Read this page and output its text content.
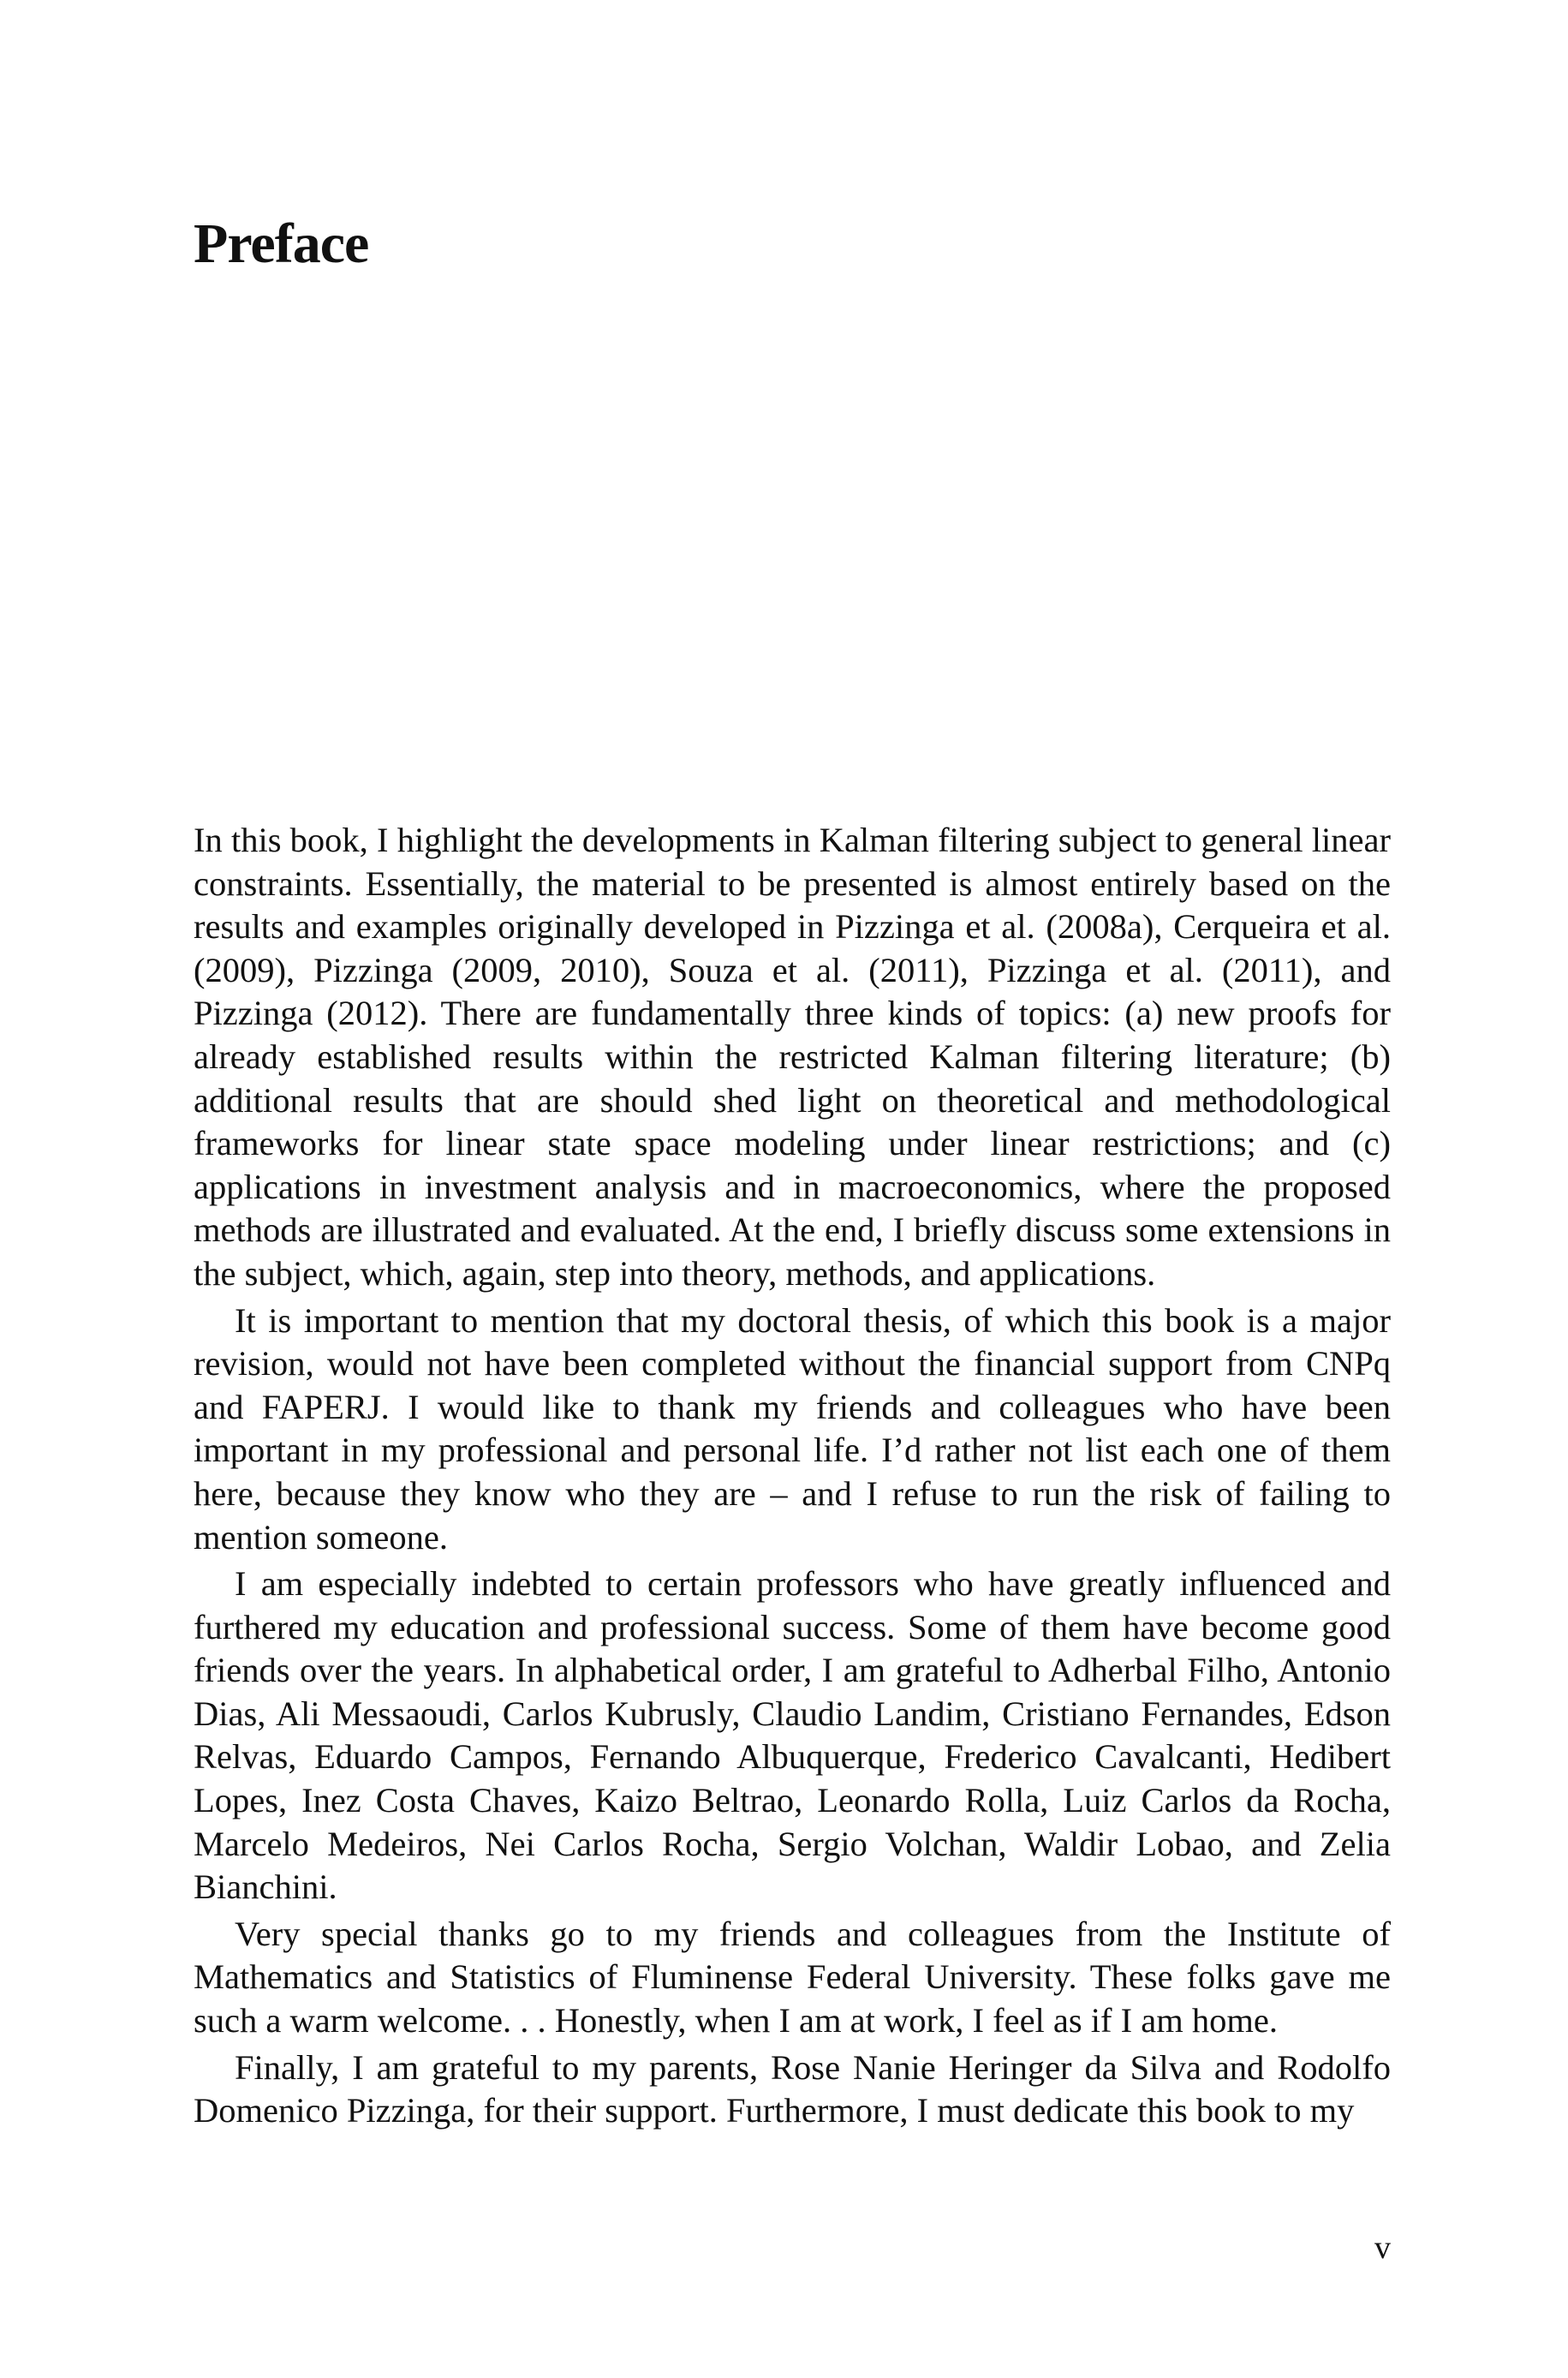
Preface

In this book, I highlight the developments in Kalman filtering subject to general linear constraints. Essentially, the material to be presented is almost entirely based on the results and examples originally developed in Pizzinga et al. (2008a), Cerqueira et al. (2009), Pizzinga (2009, 2010), Souza et al. (2011), Pizzinga et al. (2011), and Pizzinga (2012). There are fundamentally three kinds of topics: (a) new proofs for already established results within the restricted Kalman filtering literature; (b) additional results that are should shed light on theoretical and methodological frameworks for linear state space modeling under linear restrictions; and (c) applications in investment analysis and in macroeconomics, where the proposed methods are illustrated and evaluated. At the end, I briefly discuss some extensions in the subject, which, again, step into theory, methods, and applications.

It is important to mention that my doctoral thesis, of which this book is a major revision, would not have been completed without the financial support from CNPq and FAPERJ. I would like to thank my friends and colleagues who have been important in my professional and personal life. I’d rather not list each one of them here, because they know who they are – and I refuse to run the risk of failing to mention someone.

I am especially indebted to certain professors who have greatly influenced and furthered my education and professional success. Some of them have become good friends over the years. In alphabetical order, I am grateful to Adherbal Filho, Antonio Dias, Ali Messaoudi, Carlos Kubrusly, Claudio Landim, Cristiano Fernandes, Edson Relvas, Eduardo Campos, Fernando Albuquerque, Frederico Cavalcanti, Hedibert Lopes, Inez Costa Chaves, Kaizo Beltrao, Leonardo Rolla, Luiz Carlos da Rocha, Marcelo Medeiros, Nei Carlos Rocha, Sergio Volchan, Waldir Lobao, and Zelia Bianchini.

Very special thanks go to my friends and colleagues from the Institute of Mathematics and Statistics of Fluminense Federal University. These folks gave me such a warm welcome. . . Honestly, when I am at work, I feel as if I am home.

Finally, I am grateful to my parents, Rose Nanie Heringer da Silva and Rodolfo Domenico Pizzinga, for their support. Furthermore, I must dedicate this book to my

v
